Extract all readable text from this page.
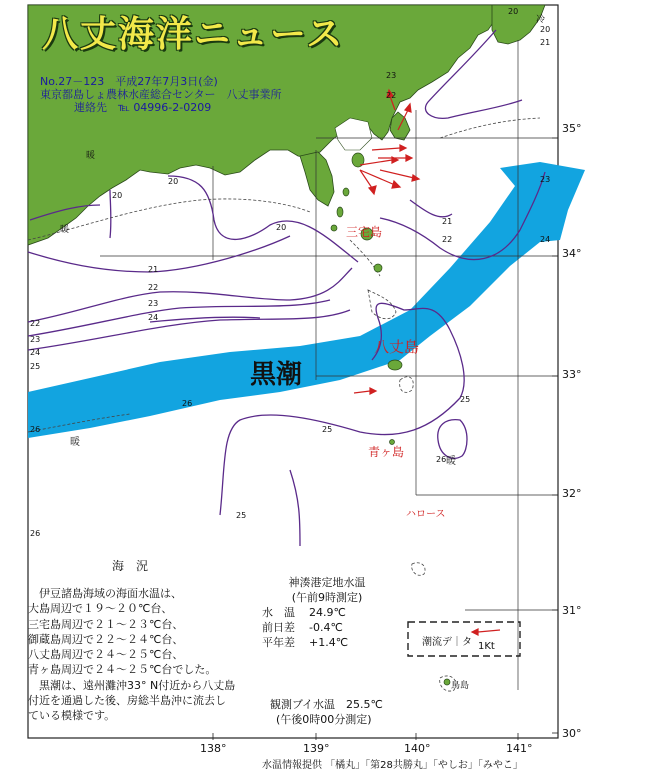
黒潮
三宅島
八丈島
青ヶ島
ハロース
鳥島
潮流デ｜タ 1Kt
冷
暖
暖
暖
暖
35°
34°
33°
32°
31°
30°
138°	139°	140°	141°
20
20
20
21
22
23
24
22
23
24
25
26
26
26
25
25
25
26
21
22
23
24
23
22
21
20
20
八丈海洋ニュース
No.27－123　平成27年7月3日(金)
東京都島しょ農林水産総合センター　八丈事業所
連絡先　℡ 04996-2-0209
海　況
　伊豆諸島海域の海面水温は、
大島周辺で１９～２０℃台、
三宅島周辺で２１～２３℃台、
御蔵島周辺で２２～２４℃台、
八丈島周辺で２４～２５℃台、
青ヶ島周辺で２４～２５℃台でした。
　黒潮は、遠州灘沖33° N付近から八丈島
付近を通過した後、房総半島沖に流去し
ている模様です。
神湊港定地水温
(午前9時測定)
水　温 24.9℃
前日差 -0.4℃
平年差 +1.4℃
観測ブイ水温　25.5℃
(午後0時00分測定)
水温情報提供 「橘丸」「第28共勝丸」「やしお」「みやこ」
